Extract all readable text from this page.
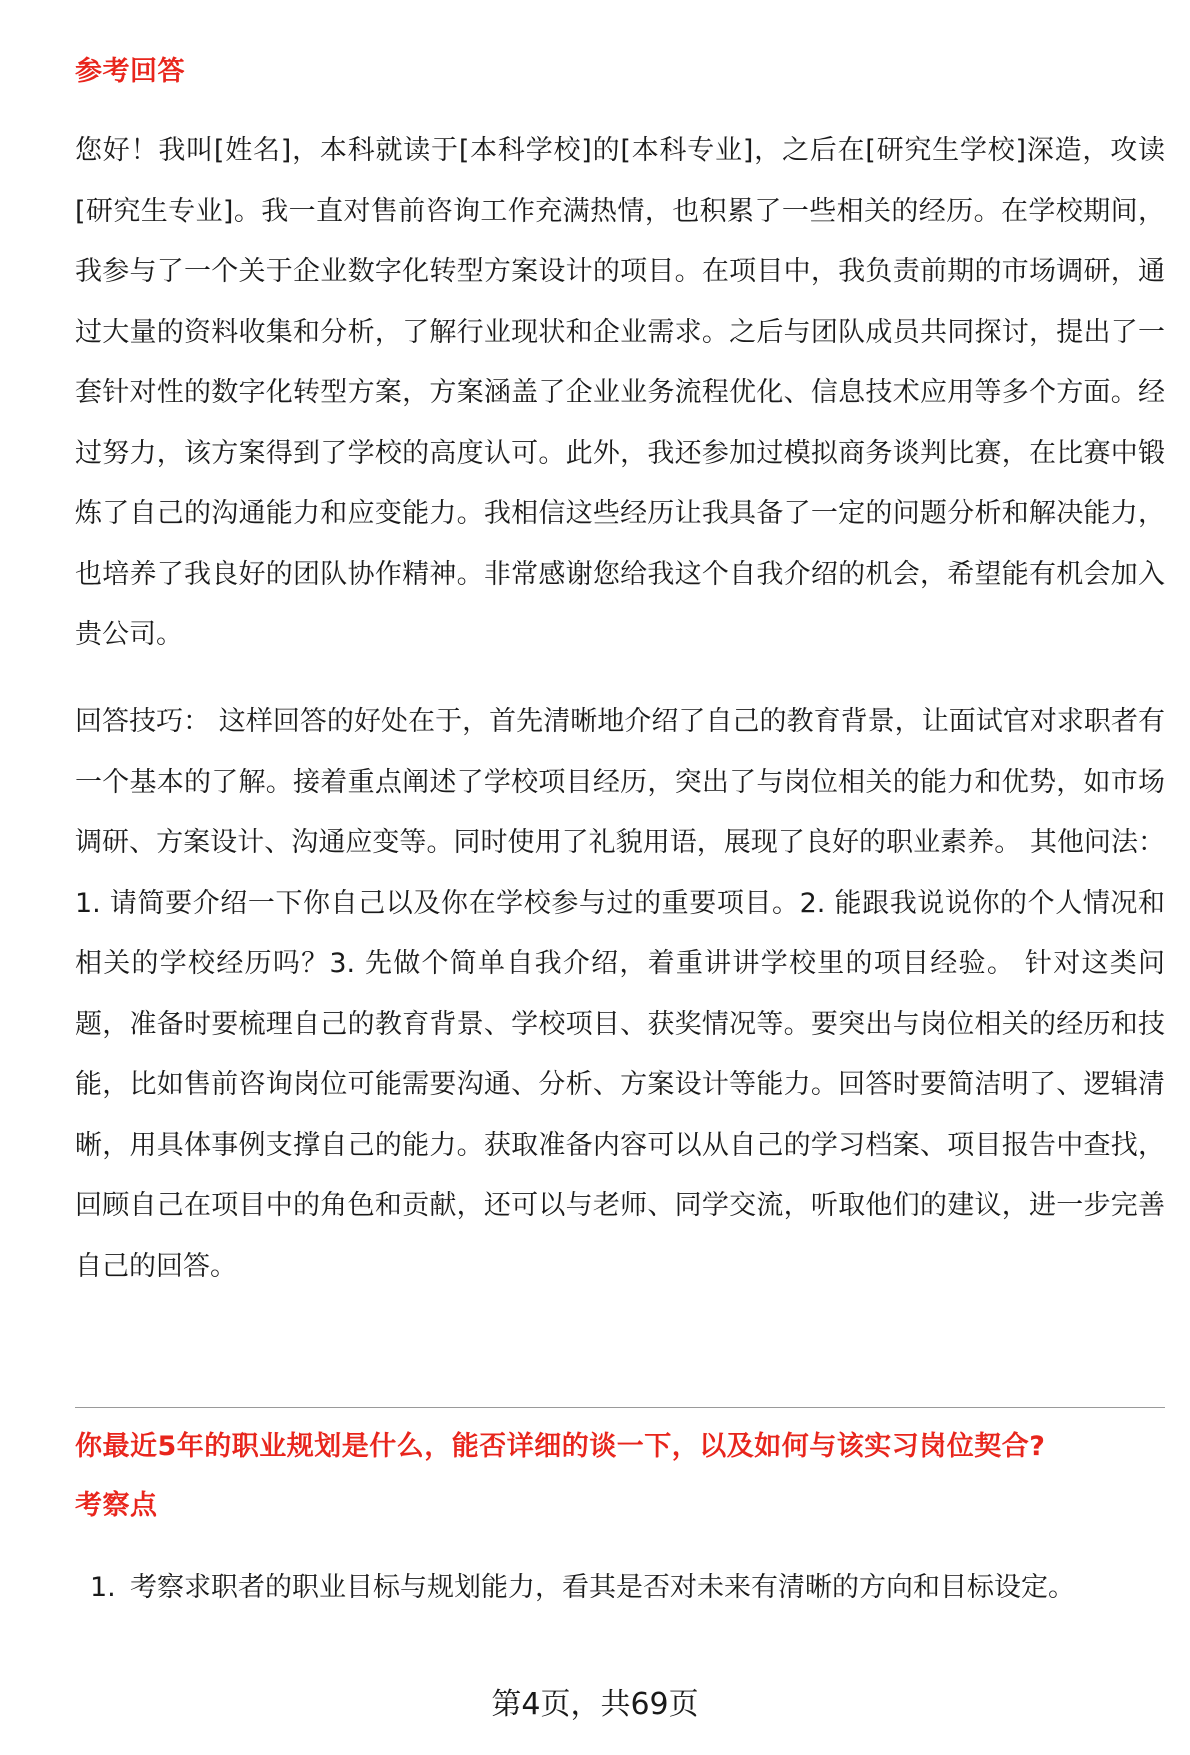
参考回答

您好！我叫[姓名]，本科就读于[本科学校]的[本科专业]，之后在[研究生学校]深造，攻读[研究生专业]。我一直对售前咨询工作充满热情，也积累了一些相关的经历。在学校期间，我参与了一个关于企业数字化转型方案设计的项目。在项目中，我负责前期的市场调研，通过大量的资料收集和分析，了解行业现状和企业需求。之后与团队成员共同探讨，提出了一套针对性的数字化转型方案，方案涵盖了企业业务流程优化、信息技术应用等多个方面。经过努力，该方案得到了学校的高度认可。此外，我还参加过模拟商务谈判比赛，在比赛中锻炼了自己的沟通能力和应变能力。我相信这些经历让我具备了一定的问题分析和解决能力，也培养了我良好的团队协作精神。非常感谢您给我这个自我介绍的机会，希望能有机会加入贵公司。

回答技巧： 这样回答的好处在于，首先清晰地介绍了自己的教育背景，让面试官对求职者有一个基本的了解。接着重点阐述了学校项目经历，突出了与岗位相关的能力和优势，如市场调研、方案设计、沟通应变等。同时使用了礼貌用语，展现了良好的职业素养。 其他问法：1. 请简要介绍一下你自己以及你在学校参与过的重要项目。2. 能跟我说说你的个人情况和相关的学校经历吗？3. 先做个简单自我介绍，着重讲讲学校里的项目经验。 针对这类问题，准备时要梳理自己的教育背景、学校项目、获奖情况等。要突出与岗位相关的经历和技能，比如售前咨询岗位可能需要沟通、分析、方案设计等能力。回答时要简洁明了、逻辑清晰，用具体事例支撑自己的能力。获取准备内容可以从自己的学习档案、项目报告中查找，回顾自己在项目中的角色和贡献，还可以与老师、同学交流，听取他们的建议，进一步完善自己的回答。

你最近5年的职业规划是什么，能否详细的谈一下，以及如何与该实习岗位契合?
考察点
1. 考察求职者的职业目标与规划能力，看其是否对未来有清晰的方向和目标设定。
第4页，共69页
